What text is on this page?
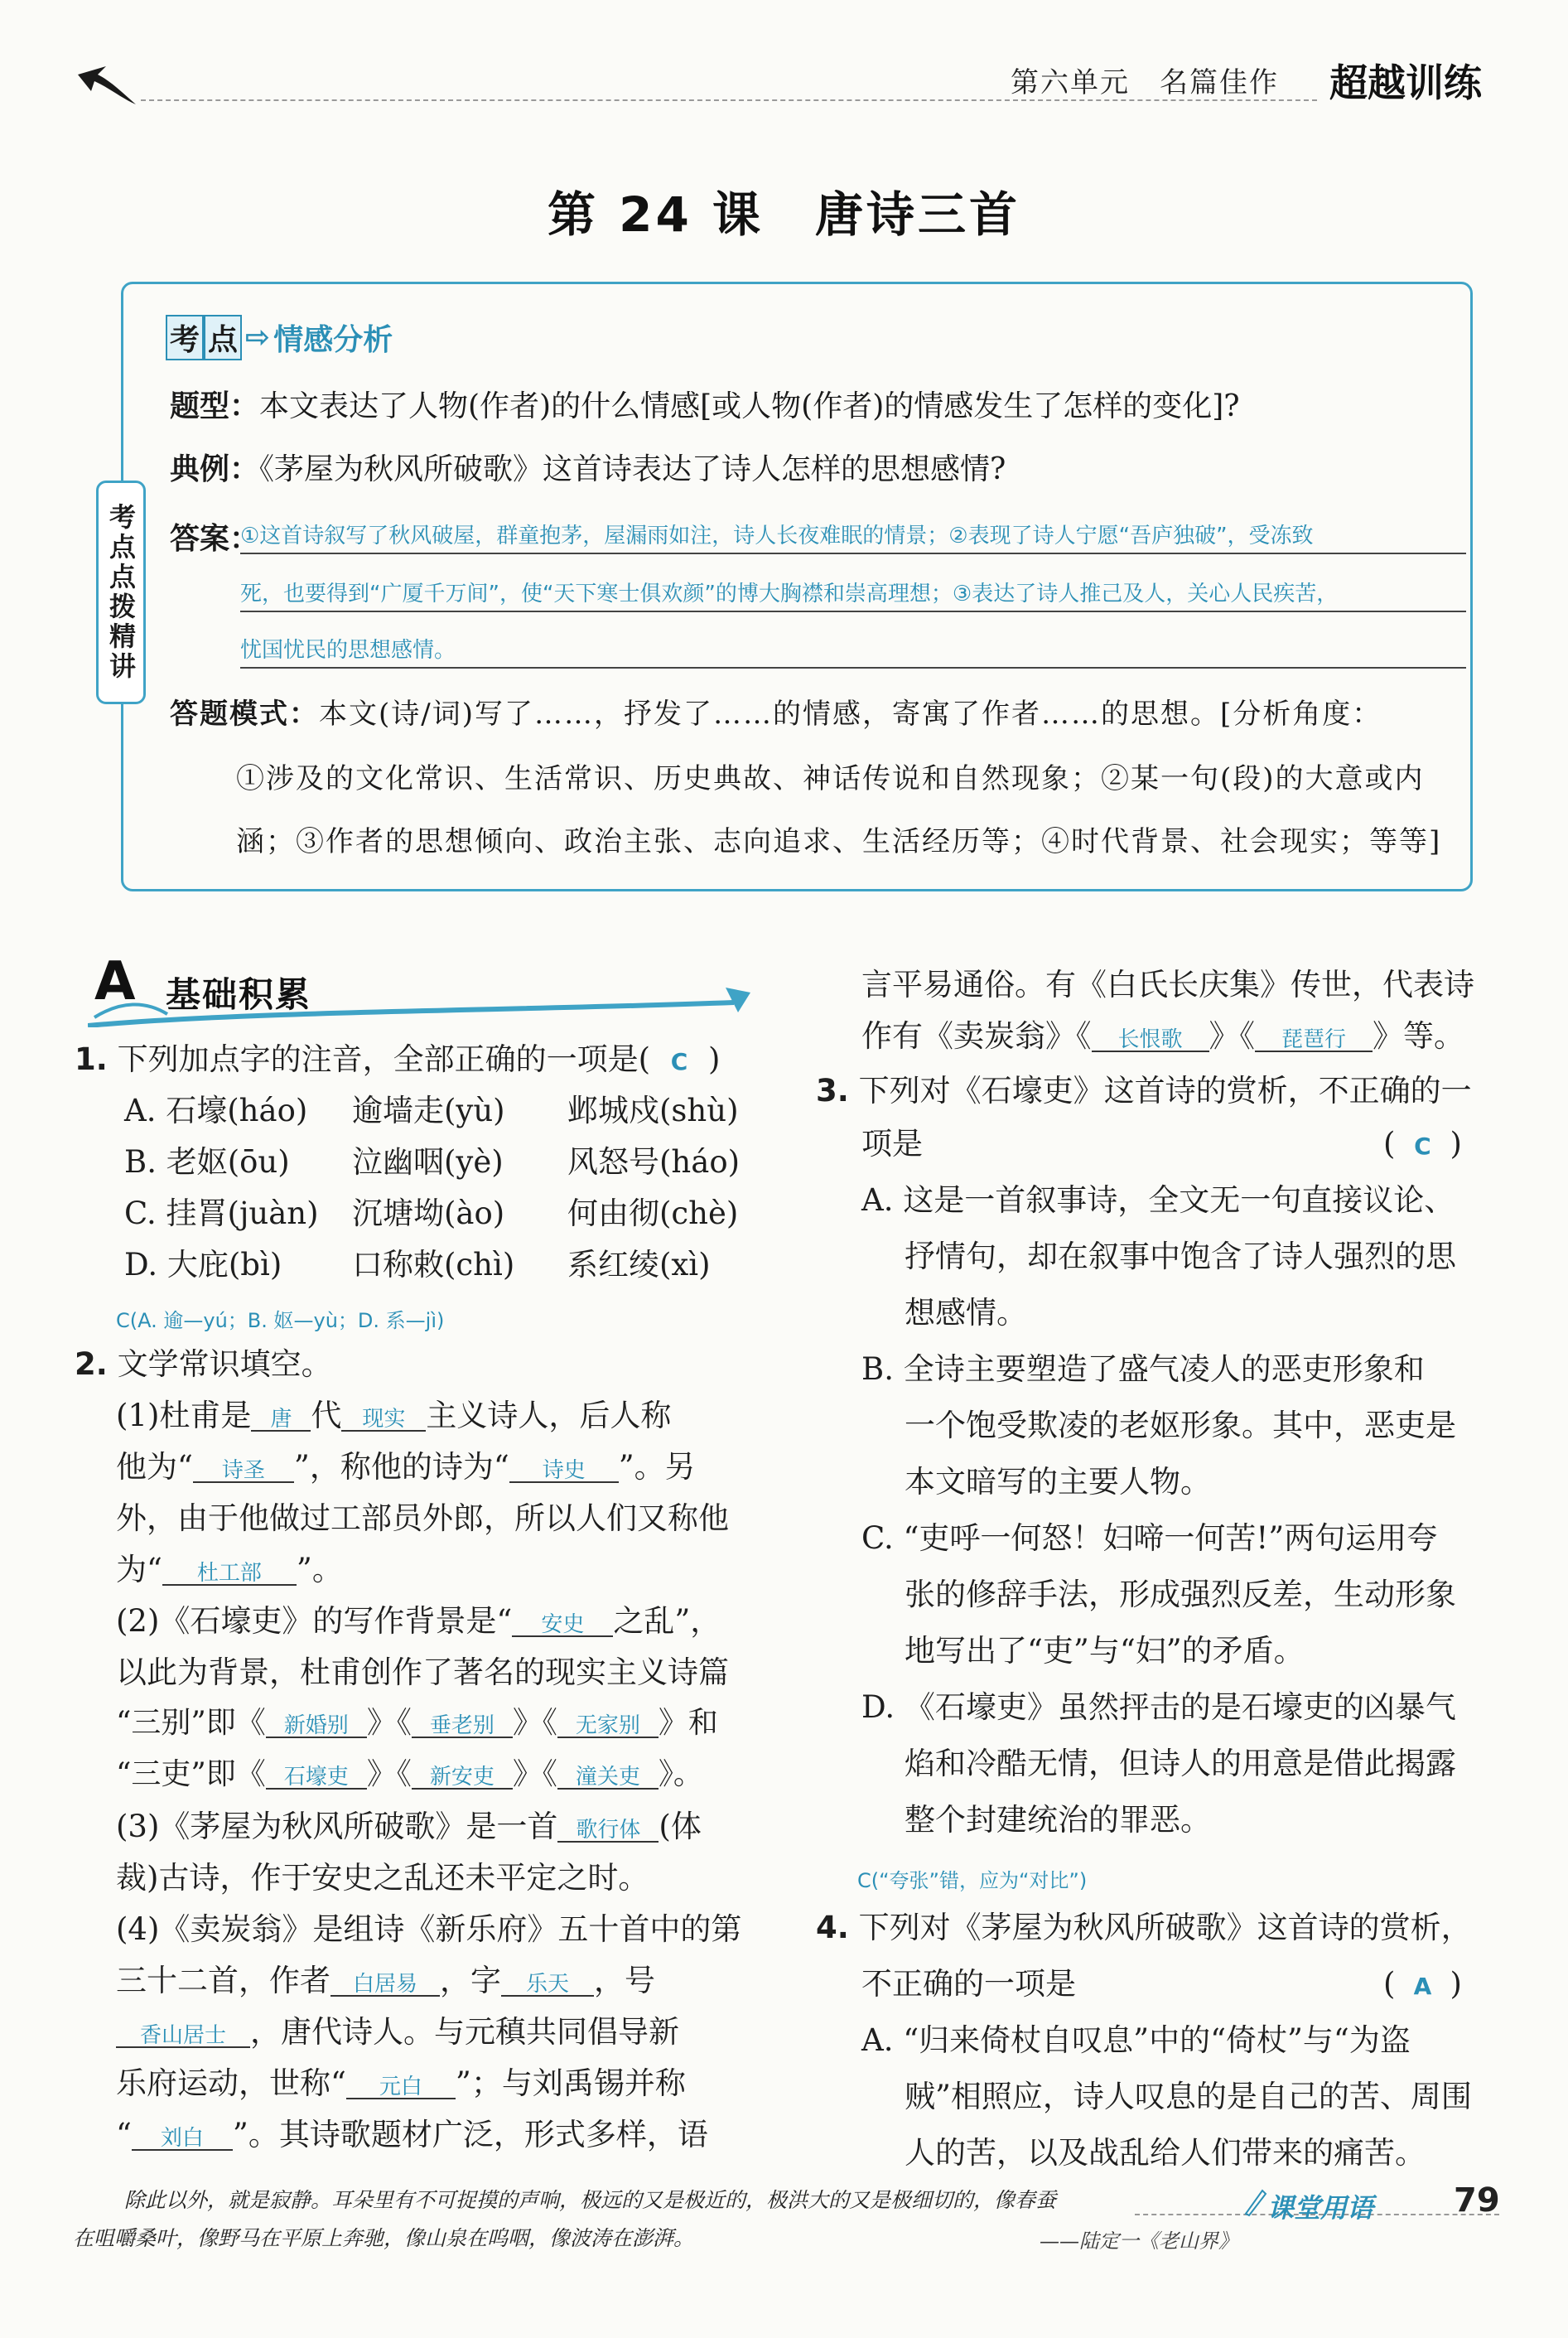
第六单元　名篇佳作 超越训练
第 24 课　唐诗三首
考点点拨精讲
考 点 ⇨ 情感分析
题型：本文表达了人物(作者)的什么情感[或人物(作者)的情感发生了怎样的变化]?
典例：《茅屋为秋风所破歌》这首诗表达了诗人怎样的思想感情?
答案：
①这首诗叙写了秋风破屋，群童抱茅，屋漏雨如注，诗人长夜难眠的情景；②表现了诗人宁愿“吾庐独破”，受冻致
死，也要得到“广厦千万间”，使“天下寒士俱欢颜”的博大胸襟和崇高理想；③表达了诗人推己及人，关心人民疾苦，
忧国忧民的思想感情。
答题模式：本文(诗/词)写了……，抒发了……的情感，寄寓了作者……的思想。[分析角度：
①涉及的文化常识、生活常识、历史典故、神话传说和自然现象；②某一句(段)的大意或内
涵；③作者的思想倾向、政治主张、志向追求、生活经历等；④时代背景、社会现实；等等]
A 基础积累
1. 下列加点字的注音，全部正确的一项是( C )
A. 石壕(háo) 逾墙走(yù) 邺城戍(shù)
B. 老妪(ōu) 泣幽咽(yè) 风怒号(háo)
C. 挂罥(juàn) 沉塘坳(ào) 何由彻(chè)
D. 大庇(bì) 口称敕(chì) 系红绫(xì)
C(A. 逾—yú；B. 妪—yù；D. 系—jì)
2. 文学常识填空。
(1)杜甫是 唐 代 现实 主义诗人，后人称
他为“ 诗圣 ”，称他的诗为“ 诗史 ”。另
外，由于他做过工部员外郎，所以人们又称他
为“ 杜工部 ”。
(2)《石壕吏》的写作背景是“ 安史 之乱”，
以此为背景，杜甫创作了著名的现实主义诗篇
“三别”即《 新婚别 》《 垂老别 》《 无家别 》和
“三吏”即《 石壕吏 》《 新安吏 》《 潼关吏 》。
(3)《茅屋为秋风所破歌》是一首 歌行体 (体
裁)古诗，作于安史之乱还未平定之时。
(4)《卖炭翁》是组诗《新乐府》五十首中的第
三十二首，作者 白居易 ，字 乐天 ，号
香山居士 ，唐代诗人。与元稹共同倡导新
乐府运动，世称“ 元白 ”；与刘禹锡并称
“ 刘白 ”。其诗歌题材广泛，形式多样，语
言平易通俗。有《白氏长庆集》传世，代表诗
作有《卖炭翁》《 长恨歌 》《 琵琶行 》等。
3. 下列对《石壕吏》这首诗的赏析，不正确的一
项是	( C )
A. 这是一首叙事诗，全文无一句直接议论、
抒情句，却在叙事中饱含了诗人强烈的思
想感情。
B. 全诗主要塑造了盛气凌人的恶吏形象和
一个饱受欺凌的老妪形象。其中，恶吏是
本文暗写的主要人物。
C. “吏呼一何怒！妇啼一何苦!”两句运用夸
张的修辞手法，形成强烈反差，生动形象
地写出了“吏”与“妇”的矛盾。
D. 《石壕吏》虽然抨击的是石壕吏的凶暴气
焰和冷酷无情，但诗人的用意是借此揭露
整个封建统治的罪恶。
C(“夸张”错，应为“对比”)
4. 下列对《茅屋为秋风所破歌》这首诗的赏析，
不正确的一项是	( A )
A. “归来倚杖自叹息”中的“倚杖”与“为盗
贼”相照应，诗人叹息的是自己的苦、周围
人的苦，以及战乱给人们带来的痛苦。
除此以外，就是寂静。耳朵里有不可捉摸的声响，极远的又是极近的，极洪大的又是极细切的，像春蚕
在咀嚼桑叶，像野马在平原上奔驰，像山泉在呜咽，像波涛在澎湃。	——陆定一《老山界》
课堂用语 79
